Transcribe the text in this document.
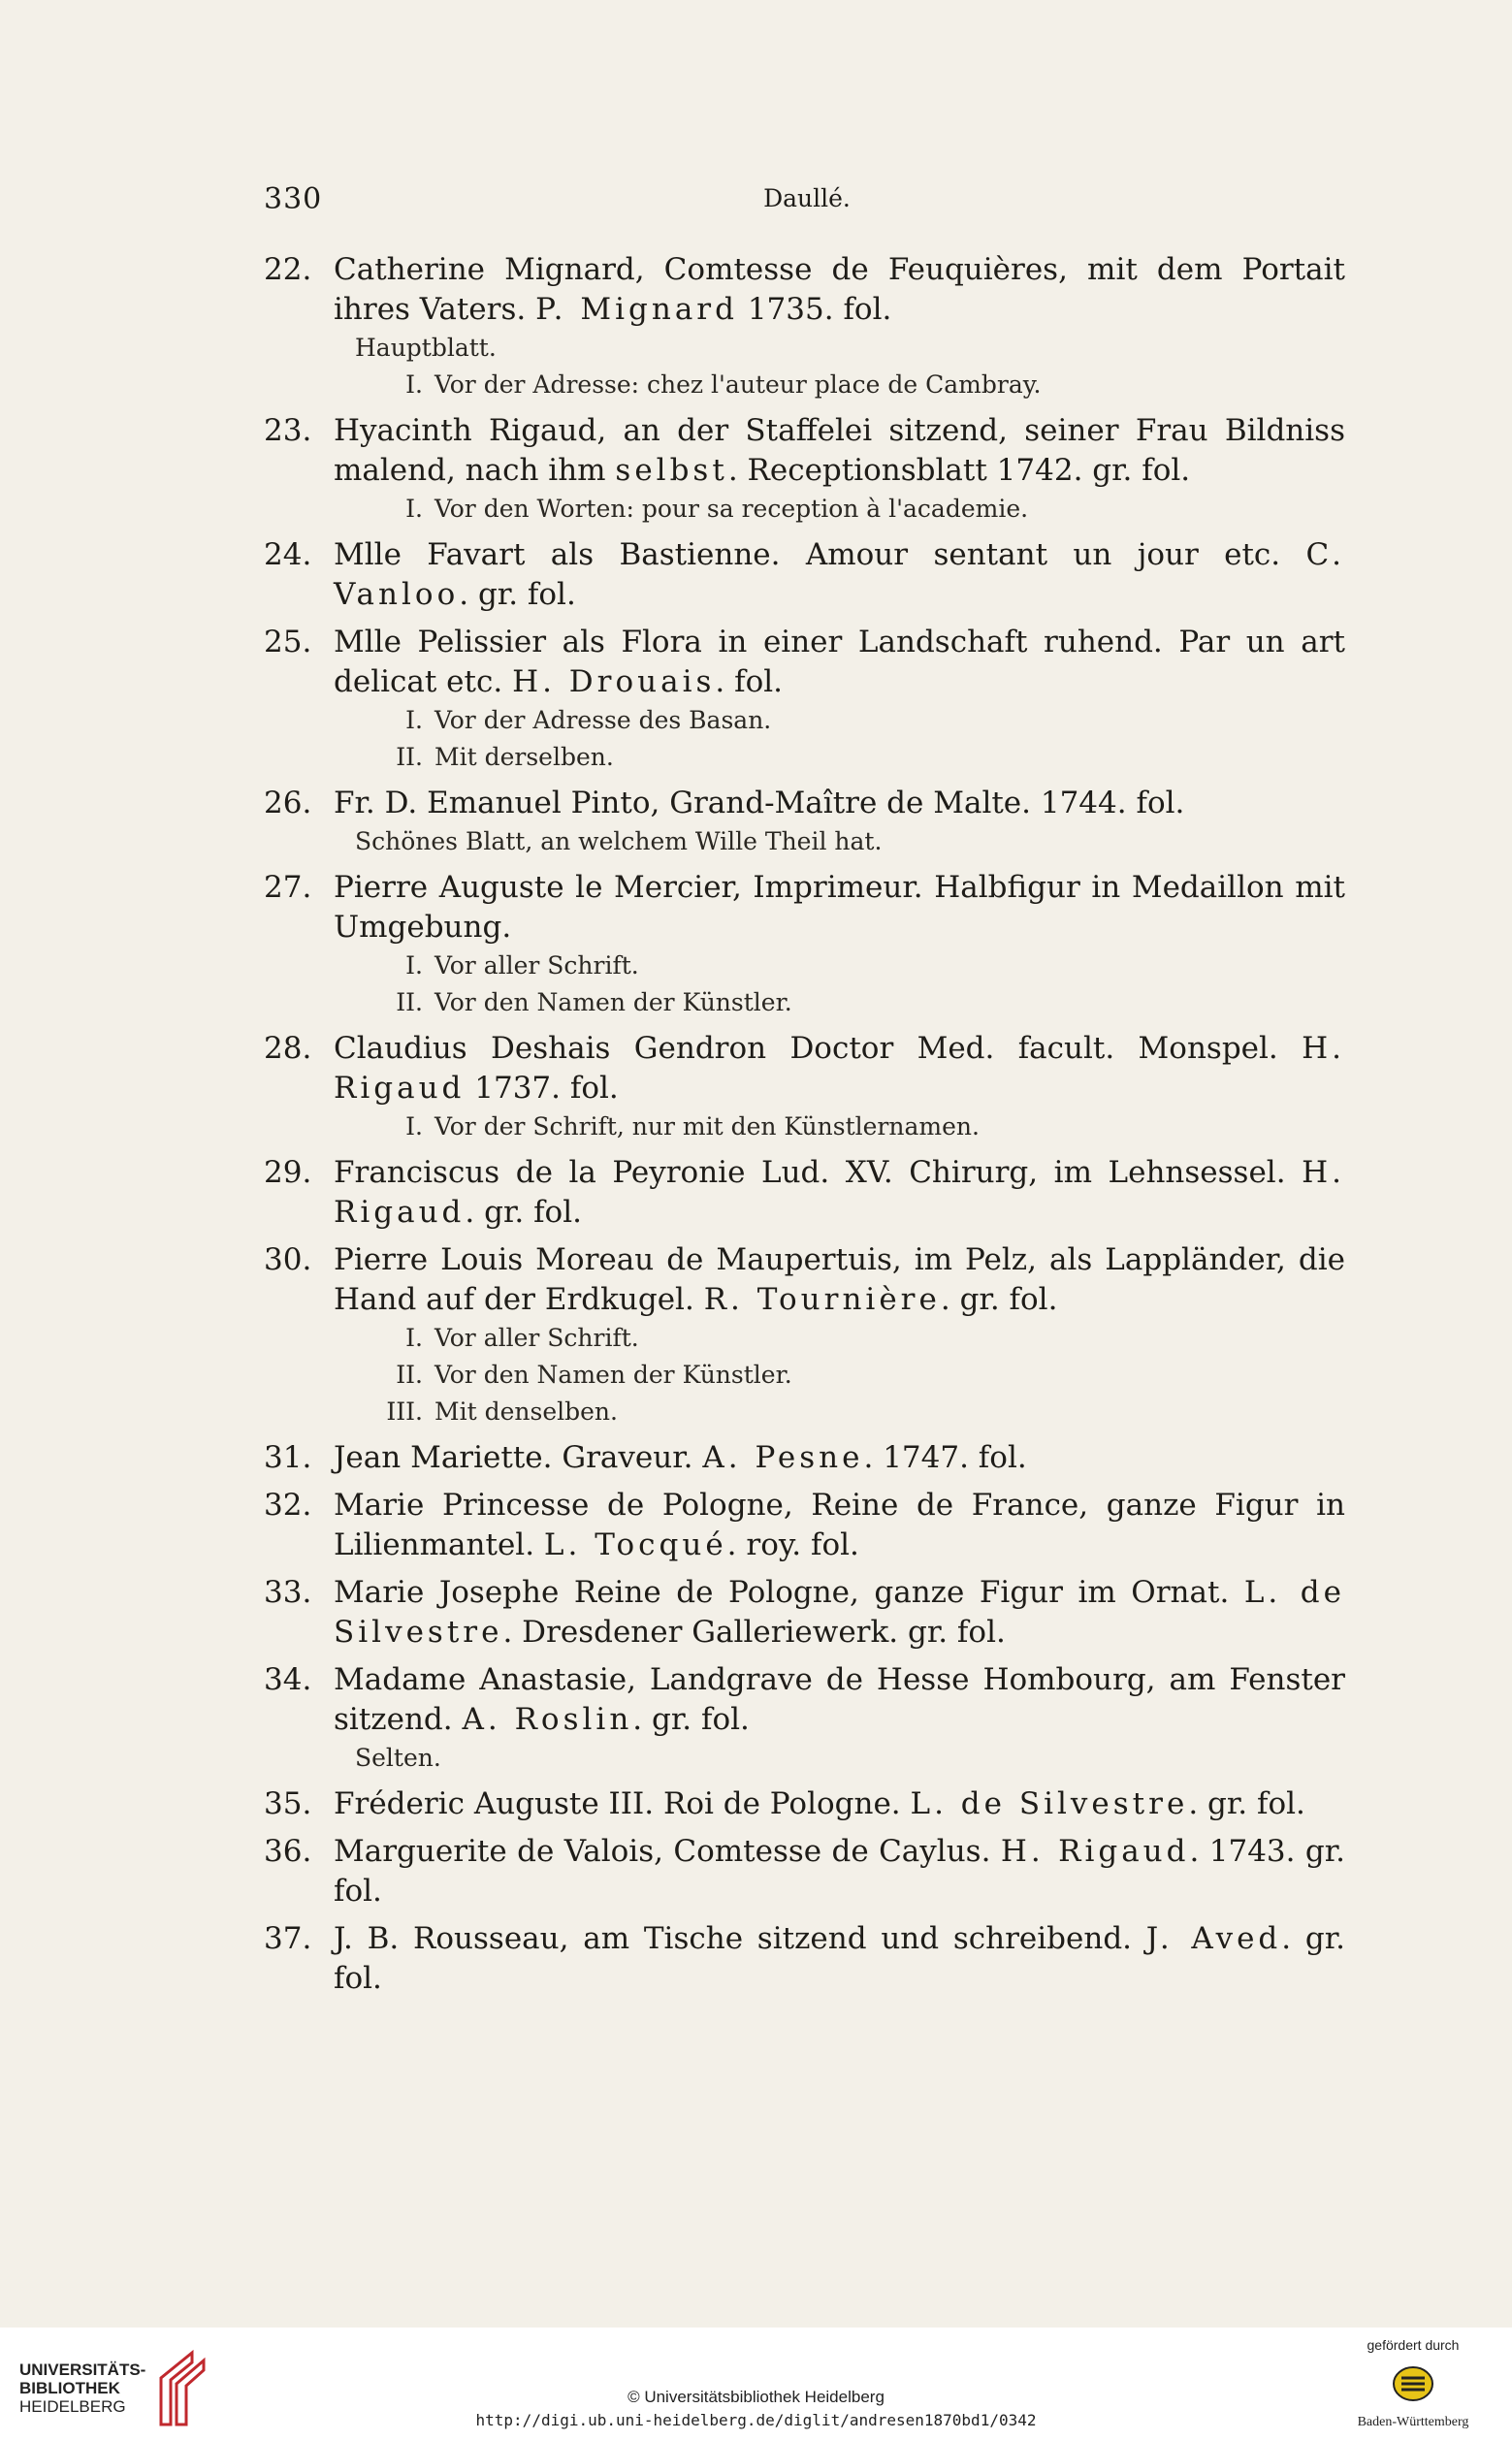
330	Daullé.
22. Catherine Mignard, Comtesse de Feuquières, mit dem Portait ihres Vaters. P. Mignard 1735. fol.
Hauptblatt.
I. Vor der Adresse: chez l'auteur place de Cambray.
23. Hyacinth Rigaud, an der Staffelei sitzend, seiner Frau Bildniss malend, nach ihm selbst. Receptionsblatt 1742. gr. fol.
I. Vor den Worten: pour sa reception à l'academie.
24. Mlle Favart als Bastienne. Amour sentant un jour etc. C. Vanloo. gr. fol.
25. Mlle Pelissier als Flora in einer Landschaft ruhend. Par un art delicat etc. H. Drouais. fol.
I. Vor der Adresse des Basan.
II. Mit derselben.
26. Fr. D. Emanuel Pinto, Grand-Maître de Malte. 1744. fol.
Schönes Blatt, an welchem Wille Theil hat.
27. Pierre Auguste le Mercier, Imprimeur. Halbfigur in Medaillon mit Umgebung.
I. Vor aller Schrift.
II. Vor den Namen der Künstler.
28. Claudius Deshais Gendron Doctor Med. facult. Monspel. H. Rigaud 1737. fol.
I. Vor der Schrift, nur mit den Künstlernamen.
29. Franciscus de la Peyronie Lud. XV. Chirurg, im Lehnsessel. H. Rigaud. gr. fol.
30. Pierre Louis Moreau de Maupertuis, im Pelz, als Lappländer, die Hand auf der Erdkugel. R. Tournière. gr. fol.
I. Vor aller Schrift.
II. Vor den Namen der Künstler.
III. Mit denselben.
31. Jean Mariette. Graveur. A. Pesne. 1747. fol.
32. Marie Princesse de Pologne, Reine de France, ganze Figur in Lilienmantel. L. Tocqué. roy. fol.
33. Marie Josephe Reine de Pologne, ganze Figur im Ornat. L. de Silvestre. Dresdener Galleriewerk. gr. fol.
34. Madame Anastasie, Landgrave de Hesse Hombourg, am Fenster sitzend. A. Roslin. gr. fol.
Selten.
35. Fréderic Auguste III. Roi de Pologne. L. de Silvestre. gr. fol.
36. Marguerite de Valois, Comtesse de Caylus. H. Rigaud. 1743. gr. fol.
37. J. B. Rousseau, am Tische sitzend und schreibend. J. Aved. gr. fol.
UNIVERSITÄTS-
BIBLIOTHEK
HEIDELBERG
© Universitätsbibliothek Heidelberg
http://digi.ub.uni-heidelberg.de/diglit/andresen1870bd1/0342
gefördert durch
Baden-Württemberg
